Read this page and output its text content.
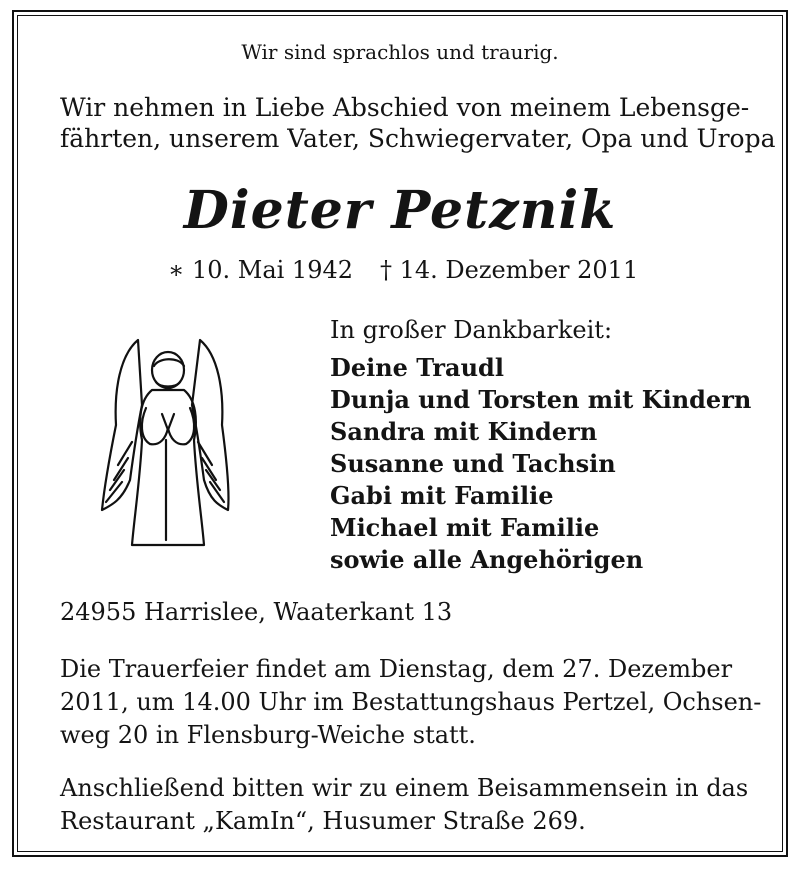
Wir sind sprachlos und traurig.
Wir nehmen in Liebe Abschied von meinem Lebensge-
fährten, unserem Vater, Schwiegervater, Opa und Uropa
Dieter Petznik
∗ 10. Mai 1942 † 14. Dezember 2011
In großer Dankbarkeit:
Deine Traudl
Dunja und Torsten mit Kindern
Sandra mit Kindern
Susanne und Tachsin
Gabi mit Familie
Michael mit Familie
sowie alle Angehörigen
24955 Harrislee, Waaterkant 13
Die Trauerfeier findet am Dienstag, dem 27. Dezember
2011, um 14.00 Uhr im Bestattungshaus Pertzel, Ochsen-
weg 20 in Flensburg-Weiche statt.
Anschließend bitten wir zu einem Beisammensein in das
Restaurant „KamIn“, Husumer Straße 269.
